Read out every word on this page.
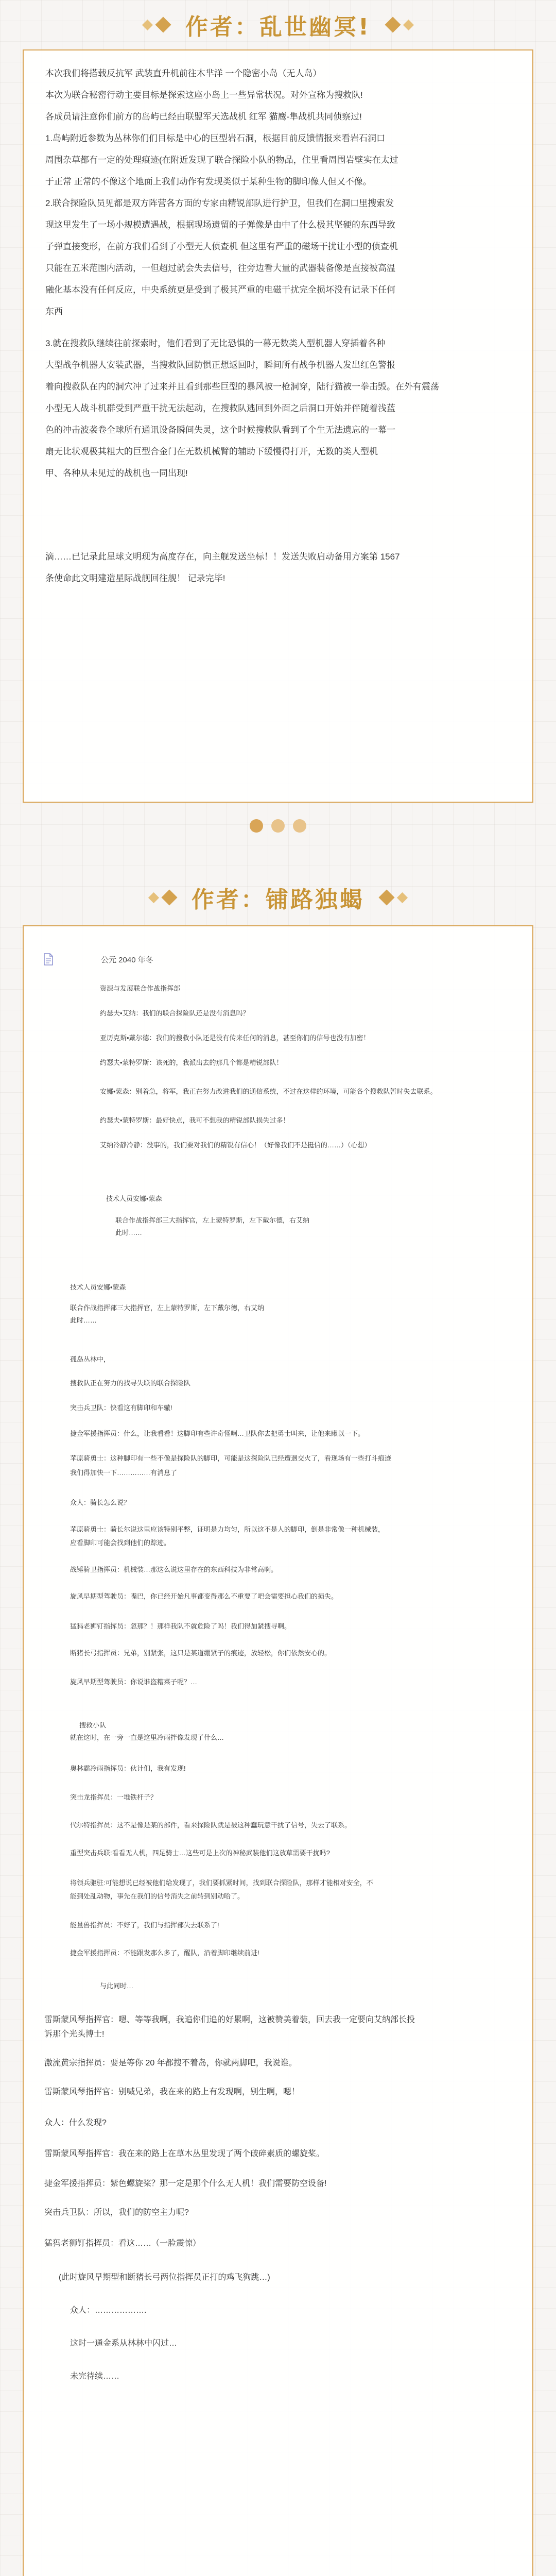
作者：乱世幽冥!

本次我们将搭载反抗军 武装直升机前往木芈洋 一个隐密小岛（无人岛）

本次为联合秘密行动主要目标是探索这座小岛上一些异常状况。对外宣称为搜救队!

各成员请注意你们前方的岛屿已经由联盟军天选战机 红军 猫鹰-隼战机共同侦察过!

1.岛屿附近参数为丛林你们们目标是中心的巨型岩石洞，根据目前反馈情报来看岩石洞口

周围杂草都有一定的处理痕迹(在附近发现了联合探险小队的物品，住里看周围岩壁实在太过

于正常 正常的不像这个地面上我们动作有发现类似于某种生物的脚印像人但又不像。

2.联合探险队员见都是双方阵营各方面的专家由精锐部队进行护卫，但我们在洞口里搜索发

现这里发生了一场小规模遭遇战，根据现场遗留的子弹像是由中了什么极其坚硬的东西导致

子弹直接变形，在前方我们看到了小型无人侦查机 但这里有严重的磁场干扰让小型的侦查机

只能在五米范围内活动，一但超过就会失去信号，往旁边看大量的武器装备像是直接被高温

融化基本没有任何反应，中央系统更是受到了极其严重的电磁干扰完全损坏没有记录下任何

东西

3.就在搜救队继续往前探索时，他们看到了无比恐惧的一幕无数类人型机器人穿插着各种

大型战争机器人安装武器，当搜救队回防惧正想返回时，瞬间所有战争机器人发出红色警报

着向搜救队在内的洞穴冲了过来并且看到那些巨型的暴风被一枪洞穿，陆行猫被一拳击毁。在外有震荡

小型无人战斗机群受到严重干扰无法起动，在搜救队逃回到外面之后洞口开始并伴随着浅蓝

色的冲击波袭卷全球所有通讯设备瞬间失灵，这个时候搜救队看到了个生无法遗忘的一幕一

扇无比状观极其粗大的巨型合金门在无数机械臂的辅助下缓慢得打开，无数的类人型机

甲、各种从未见过的战机也一同出现!

滴……已记录此星球文明现为高度存在，向主舰发送坐标！！发送失败启动备用方案第 1567

条使命此文明建造星际战舰回往舰！ 记录完毕!

作者：铺路独蝎
公元 2040 年冬
资源与发展联合作战指挥部
约瑟夫•艾纳：我们的联合探险队还是没有消息吗？
亚历克斯•戴尔德：我们的搜救小队还是没有传来任何的消息，甚至你们的信号也没有加密！
约瑟夫•蒙特罗斯：该死的，我派出去的那几个都是精锐部队！
安娜•蒙森：别着急，将军，我正在努力改进我们的通信系统，不过在这样的环境，可能各个搜救队暂时失去联系。
约瑟夫•蒙特罗斯：最好快点，我可不想我的精锐部队损失过多！
艾纳冷静冷静：没事的，我们要对我们的精锐有信心！（好像我们不是挺信的……）（心想）
技术人员安娜•蒙森
联合作战指挥部三大指挥官，左上蒙特罗斯，左下戴尔德，右艾纳
此时……
技术人员安娜•蒙森
联合作战指挥部三大指挥官，左上蒙特罗斯，左下戴尔德，右艾纳
此时……
孤岛丛林中，
搜救队正在努力的找寻失联的联合探险队
突击兵卫队：快看这有脚印和车辙!
捷金军援指挥员：什么，让我看看！这脚印有些许奇怪啊…卫队你去把勇士叫来，让他来瞅以一下。
苹原骑勇士：这种脚印有一些不像是探险队的脚印，可能是这探险队已经遭遇交火了，看现场有一些打斗痕迹
我们得加快一下……………有消息了
众人：骑长怎么说？
苹原骑勇士：骑长尔说这里应该特别平整，证明是力均匀，所以这不是人的脚印，倒是非常像一种机械装，
应看脚印可能会找到他们的踪迹。
战锤骑卫指挥员：机械装…那这么说这里存在的东西科技为非常高啊。
旋风早期型驾驶员：嘴巴，你已经开始凡事都变得那么不重要了吧会需要担心我们的损失。
猛犸老狮钉指挥员：忽那？！那样我队不就危险了吗！我们得加紧搜寻啊。
断猪长弓指挥员：兄弟，别紧张，这只是某道绷紧子的痕迹，放轻松，你们依然安心的。
旋风早期型驾驶员：你说谁盗糟菜子呢？…
搜救小队
就在这时，在一旁一直是这里冷雨拌像发现了什么…
奥林霸冷雨指挥员：伙计们，我有发现!
突击龙指挥员：一堆铁杆子？
代尔特指挥员：这不是像是某的部件，看来探险队就是被这种蠢玩意干扰了信号，失去了联系。
重型突击兵联:看看无人机，四足骑士…这些可是上次的神秘武装他们这放草需要干扰吗?
将领兵驱驻:可能想说已经被他们给发现了，我们要抓紧时间，找到联合探险队，那样才能相对安全，不
能到处乱动物，事先在我们的信号消失之前转到别动哈了。
能量兽指挥员：不好了，我们与指挥部失去联系了!
捷金军援指挥员：不能跟发那么多了，醒队，沿着脚印继续前进!
与此同时…
雷斯蒙风琴指挥官：嗯、等等我啊，我追你们追的好累啊，这被赞美着装，回去我一定要向艾纳部长投
诉那个光头博士!
激流黄宗指挥员：要是等你 20 年都搜不着岛，你就两脚吧，我说谁。
雷斯蒙风琴指挥官：别喊兄弟，我在来的路上有发现啊，别生啊，嗯！
众人：什么发现?
雷斯蒙风琴指挥官：我在来的路上在草木丛里发现了两个破碎素质的螺旋桨。
捷金军援指挥员：紫色螺旋桨？那一定是那个什么无人机！我们需要防空设备!
突击兵卫队：所以，我们的防空主力呢?
猛犸老狮钉指挥员：看这……（一脸震惊）
(此时旋风早期型和断猪长弓两位指挥员正打的鸡飞狗跳…)
众人：……………….
这时一通金系从林林中闪过…
未完待续……
